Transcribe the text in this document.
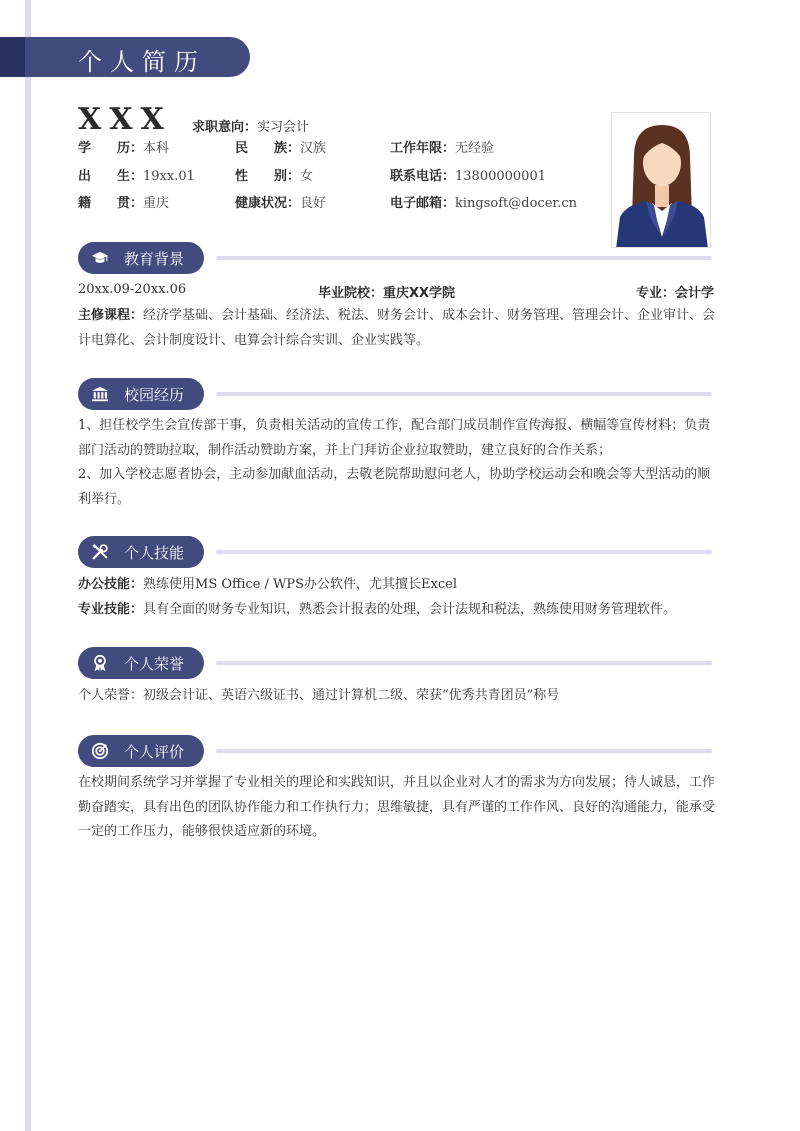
个人简历
XXX 求职意向：实习会计
学　　历：本科	民　　族：汉族	工作年限：无经验
出　　生：19xx.01	性　　别：女	联系电话：13800000001
籍　　贯：重庆	健康状况：良好	电子邮箱：kingsoft@docer.cn
教育背景
20xx.09-20xx.06	毕业院校：重庆XX学院	专业：会计学
主修课程：经济学基础、会计基础、经济法、税法、财务会计、成本会计、财务管理、管理会计、企业审计、会计电算化、会计制度设计、电算会计综合实训、企业实践等。
校园经历
1、担任校学生会宣传部干事，负责相关活动的宣传工作，配合部门成员制作宣传海报、横幅等宣传材料；负责部门活动的赞助拉取，制作活动赞助方案，并上门拜访企业拉取赞助，建立良好的合作关系；
2、加入学校志愿者协会，主动参加献血活动，去敬老院帮助慰问老人，协助学校运动会和晚会等大型活动的顺利举行。
个人技能
办公技能：熟练使用MS Office / WPS办公软件，尤其擅长Excel
专业技能：具有全面的财务专业知识，熟悉会计报表的处理，会计法规和税法，熟练使用财务管理软件。
个人荣誉
个人荣誉：初级会计证、英语六级证书、通过计算机二级、荣获“优秀共青团员”称号
个人评价
在校期间系统学习并掌握了专业相关的理论和实践知识，并且以企业对人才的需求为方向发展；待人诚恳，工作勤奋踏实，具有出色的团队协作能力和工作执行力；思维敏捷，具有严谨的工作作风、良好的沟通能力，能承受一定的工作压力，能够很快适应新的环境。
